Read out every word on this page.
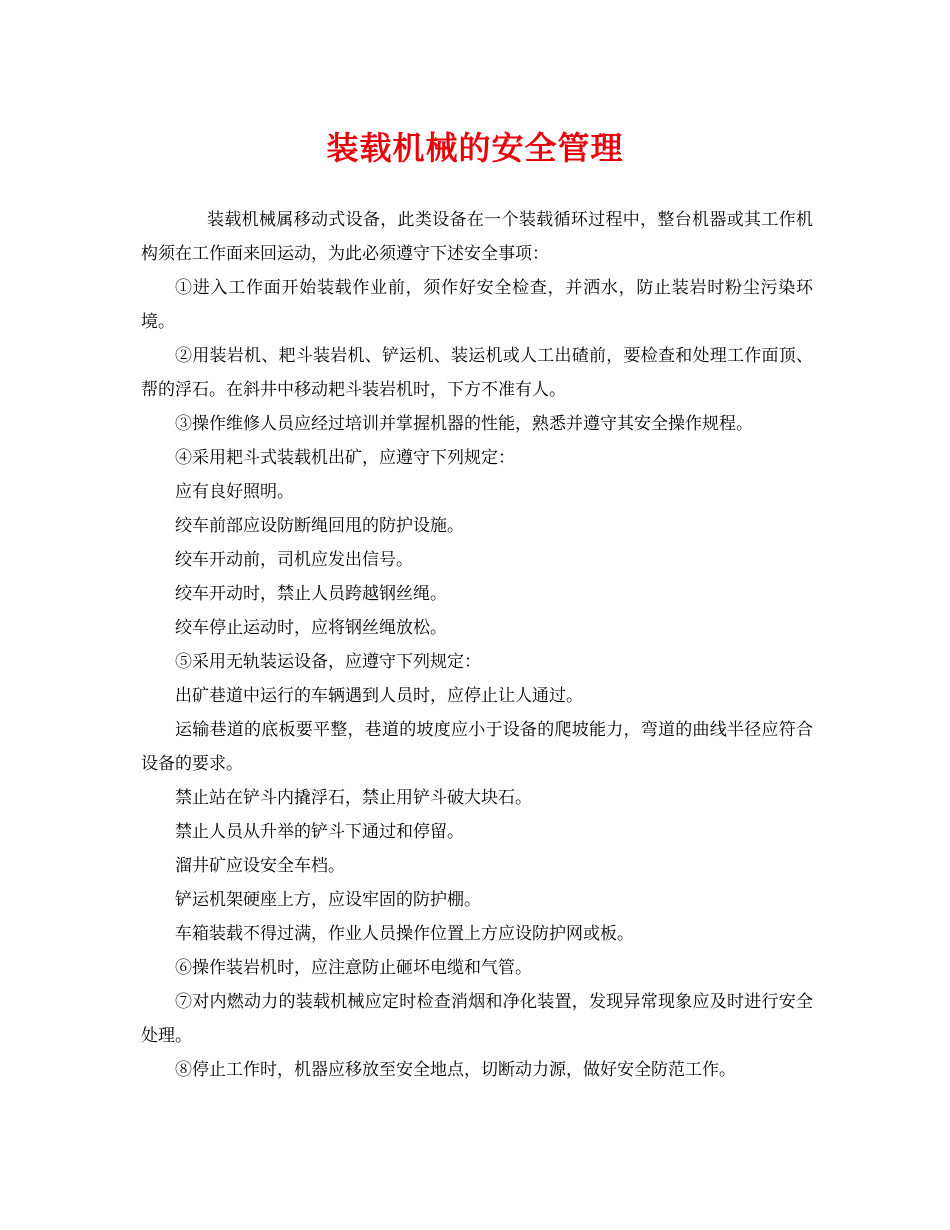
装载机械的安全管理

装载机械属移动式设备，此类设备在一个装载循环过程中，整台机器或其工作机构须在工作面来回运动，为此必须遵守下述安全事项：

①进入工作面开始装载作业前，须作好安全检查，并洒水，防止装岩时粉尘污染环境。

②用装岩机、耙斗装岩机、铲运机、装运机或人工出碴前，要检查和处理工作面顶、帮的浮石。在斜井中移动耙斗装岩机时，下方不准有人。

③操作维修人员应经过培训并掌握机器的性能，熟悉并遵守其安全操作规程。

④采用耙斗式装载机出矿，应遵守下列规定：

应有良好照明。

绞车前部应设防断绳回甩的防护设施。

绞车开动前，司机应发出信号。

绞车开动时，禁止人员跨越钢丝绳。

绞车停止运动时，应将钢丝绳放松。

⑤采用无轨装运设备，应遵守下列规定：

出矿巷道中运行的车辆遇到人员时，应停止让人通过。

运输巷道的底板要平整，巷道的坡度应小于设备的爬坡能力，弯道的曲线半径应符合设备的要求。

禁止站在铲斗内撬浮石，禁止用铲斗破大块石。

禁止人员从升举的铲斗下通过和停留。

溜井矿应设安全车档。

铲运机架硬座上方，应设牢固的防护棚。

车箱装载不得过满，作业人员操作位置上方应设防护网或板。

⑥操作装岩机时，应注意防止砸坏电缆和气管。

⑦对内燃动力的装载机械应定时检查消烟和净化装置，发现异常现象应及时进行安全处理。

⑧停止工作时，机器应移放至安全地点，切断动力源，做好安全防范工作。
